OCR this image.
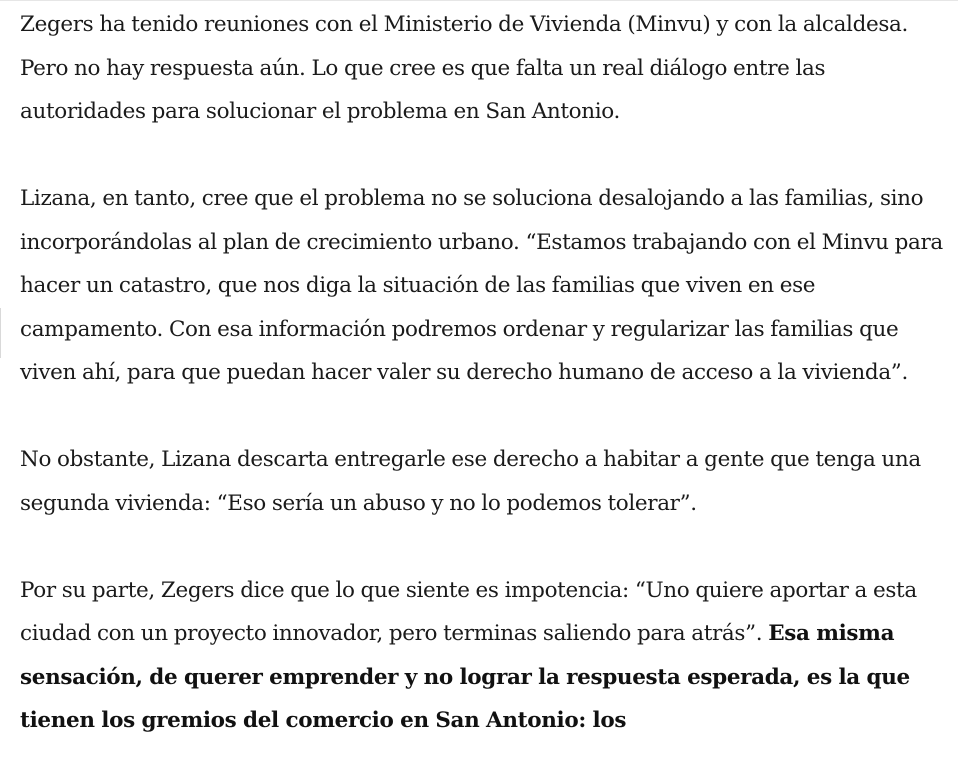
Zegers ha tenido reuniones con el Ministerio de Vivienda (Minvu) y con la alcaldesa. Pero no hay respuesta aún. Lo que cree es que falta un real diálogo entre las autoridades para solucionar el problema en San Antonio.

Lizana, en tanto, cree que el problema no se soluciona desalojando a las familias, sino incorporándolas al plan de crecimiento urbano. “Estamos trabajando con el Minvu para hacer un catastro, que nos diga la situación de las familias que viven en ese campamento. Con esa información podremos ordenar y regularizar las familias que viven ahí, para que puedan hacer valer su derecho humano de acceso a la vivienda”.

No obstante, Lizana descarta entregarle ese derecho a habitar a gente que tenga una segunda vivienda: “Eso sería un abuso y no lo podemos tolerar”.

Por su parte, Zegers dice que lo que siente es impotencia: “Uno quiere aportar a esta ciudad con un proyecto innovador, pero terminas saliendo para atrás”. Esa misma sensación, de querer emprender y no lograr la respuesta esperada, es la que tienen los gremios del comercio en San Antonio: los
